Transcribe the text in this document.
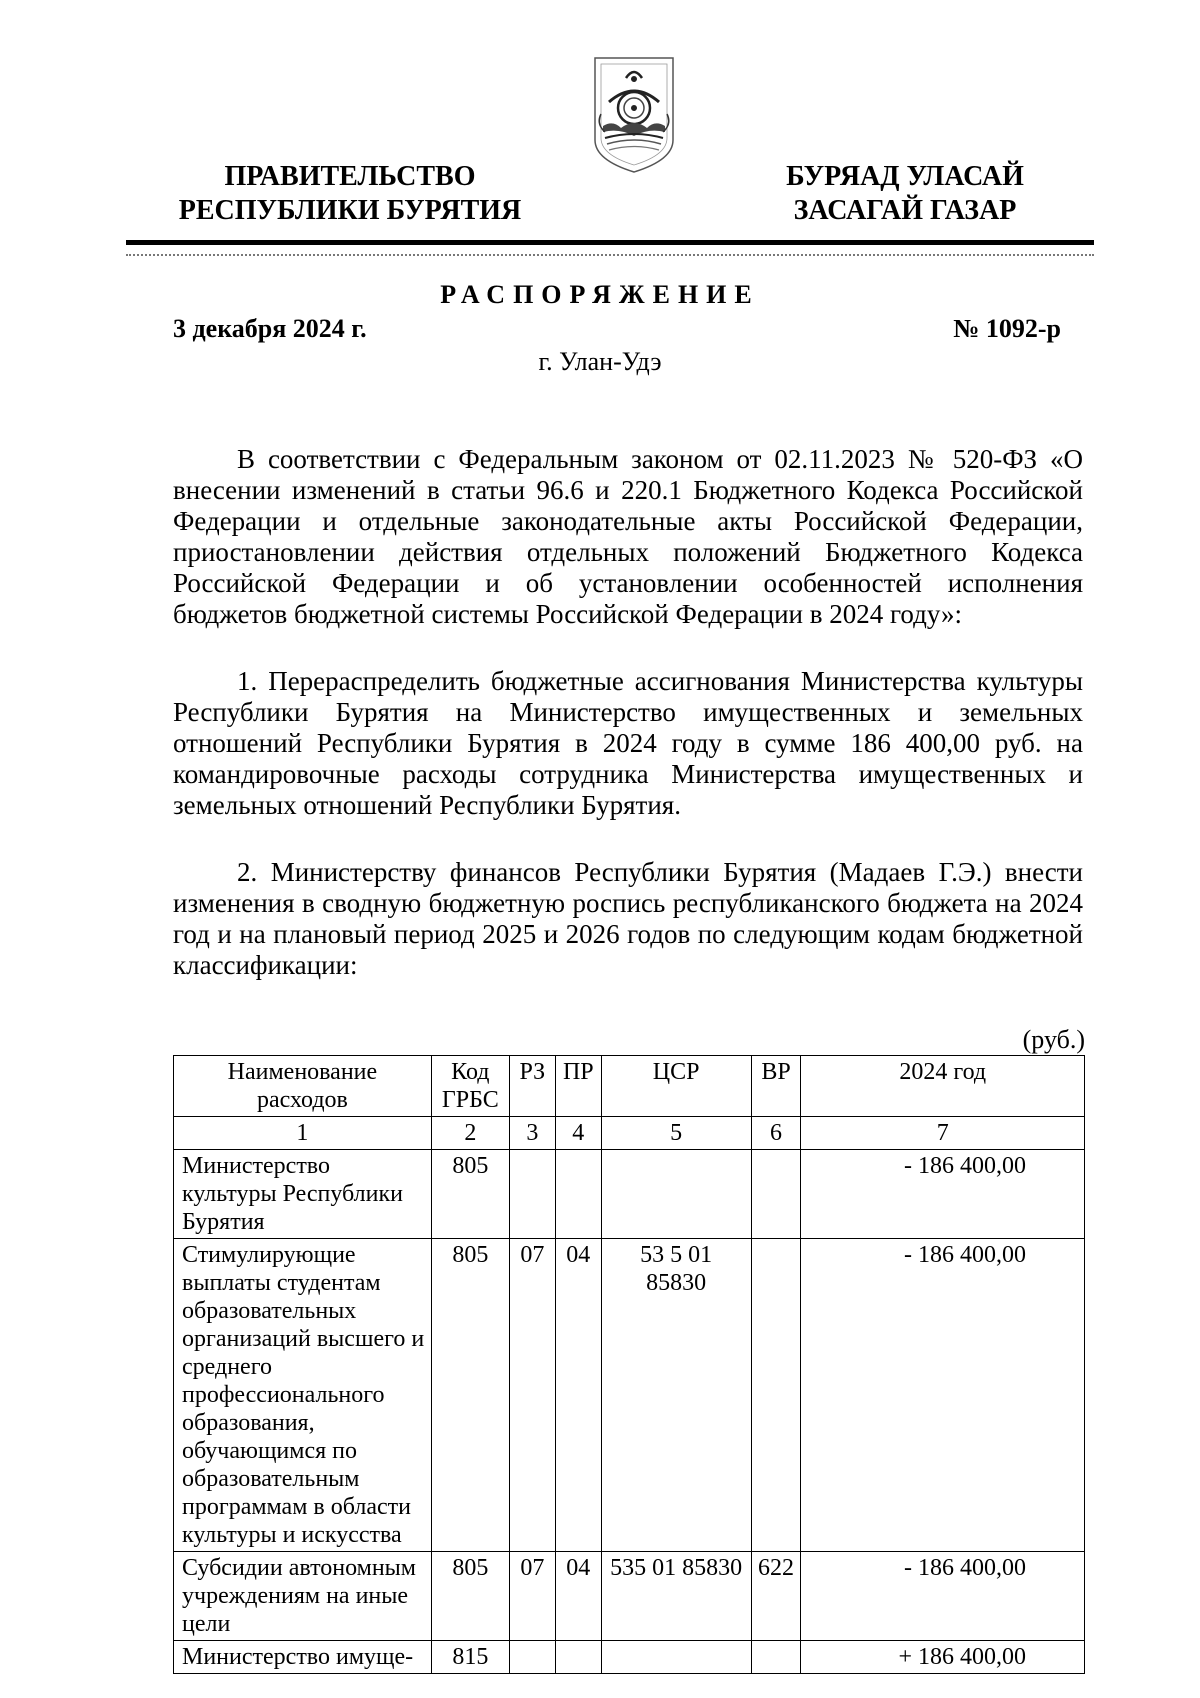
ПРАВИТЕЛЬСТВО
РЕСПУБЛИКИ БУРЯТИЯ
БУРЯАД УЛАСАЙ
ЗАСАГАЙ ГАЗАР
РАСПОРЯЖЕНИЕ
3 декабря 2024 г.	№ 1092-р
г. Улан-Удэ

В соответствии с Федеральным законом от 02.11.2023 № 520-ФЗ «О внесении изменений в статьи 96.6 и 220.1 Бюджетного Кодекса Российской Федерации и отдельные законодательные акты Российской Федерации, приостановлении действия отдельных положений Бюджетного Кодекса Российской Федерации и об установлении особенностей исполнения бюджетов бюджетной системы Российской Федерации в 2024 году»:

1. Перераспределить бюджетные ассигнования Министерства культуры Республики Бурятия на Министерство имущественных и земельных отношений Республики Бурятия в 2024 году в сумме 186 400,00 руб. на командировочные расходы сотрудника Министерства имущественных и земельных отношений Республики Бурятия.

2. Министерству финансов Республики Бурятия (Мадаев Г.Э.) внести изменения в сводную бюджетную роспись республиканского бюджета на 2024 год и на плановый период 2025 и 2026 годов по следующим кодам бюджетной классификации:

(руб.)
Наименование расходов	Код ГРБС	РЗ	ПР	ЦСР	ВР	2024 год
1	2	3	4	5	6	7
Министерство культуры Республики Бурятия	805					- 186 400,00
Стимулирующие выплаты студентам образовательных организаций высшего и среднего профессионального образования, обучающимся по образовательным программам в области культуры и искусства	805	07	04	53 5 01 85830		- 186 400,00
Субсидии автономным учреждениям на иные цели	805	07	04	535 01 85830	622	- 186 400,00
Министерство имуще-	815					+ 186 400,00
